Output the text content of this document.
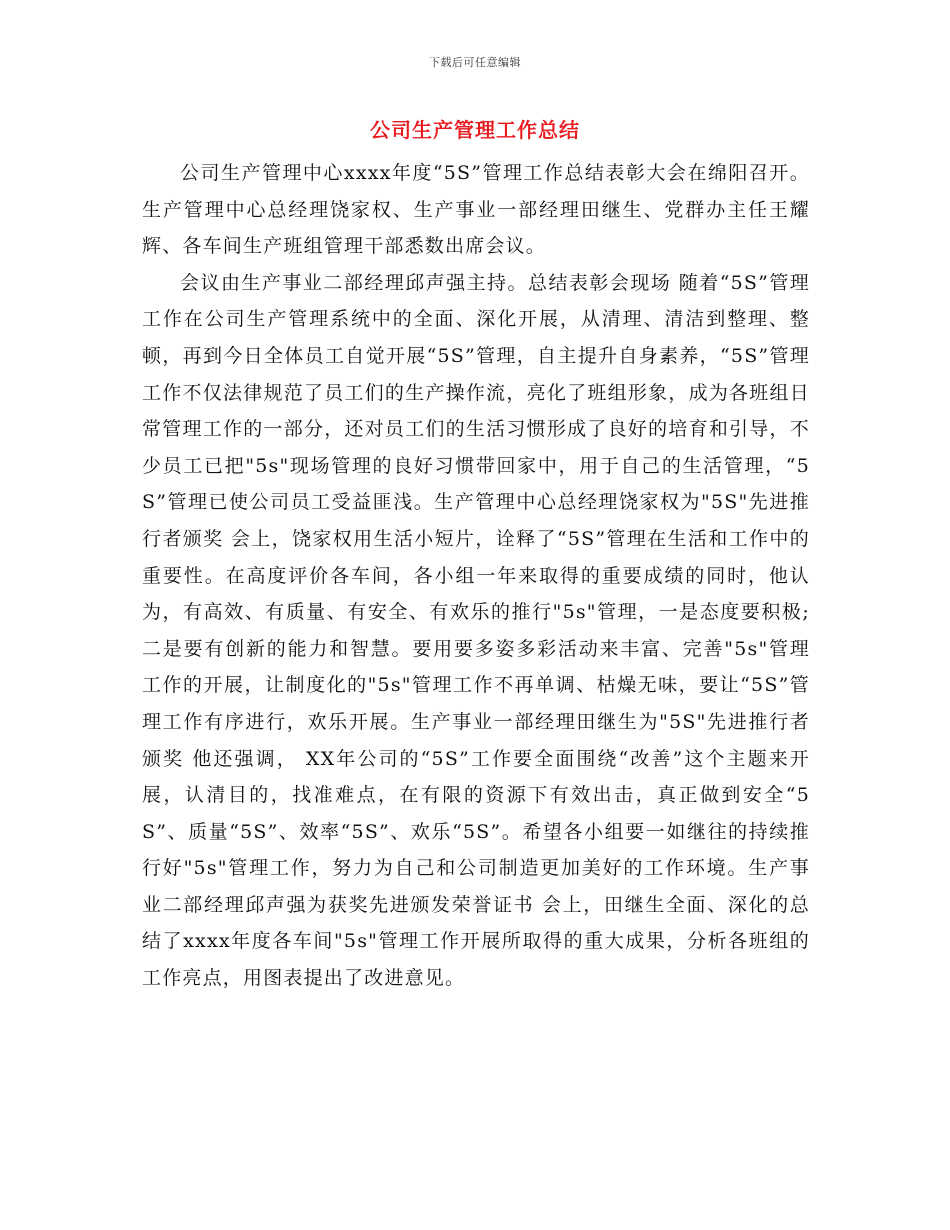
下载后可任意编辑
公司生产管理工作总结

公司生产管理中心xxxx年度“5S”管理工作总结表彰大会在绵阳召开。生产管理中心总经理饶家权、生产事业一部经理田继生、党群办主任王耀辉、各车间生产班组管理干部悉数出席会议。

会议由生产事业二部经理邱声强主持。总结表彰会现场 随着“5S”管理工作在公司生产管理系统中的全面、深化开展，从清理、清洁到整理、整顿，再到今日全体员工自觉开展“5S”管理，自主提升自身素养，“5S”管理工作不仅法律规范了员工们的生产操作流，亮化了班组形象，成为各班组日常管理工作的一部分，还对员工们的生活习惯形成了良好的培育和引导，不少员工已把"5s"现场管理的良好习惯带回家中，用于自己的生活管理，“5S”管理已使公司员工受益匪浅。生产管理中心总经理饶家权为"5S"先进推行者颁奖 会上，饶家权用生活小短片，诠释了“5S”管理在生活和工作中的重要性。在高度评价各车间，各小组一年来取得的重要成绩的同时，他认为，有高效、有质量、有安全、有欢乐的推行"5s"管理，一是态度要积极;二是要有创新的能力和智慧。要用要多姿多彩活动来丰富、完善"5s"管理工作的开展，让制度化的"5s"管理工作不再单调、枯燥无味，要让“5S”管理工作有序进行，欢乐开展。生产事业一部经理田继生为"5S"先进推行者颁奖 他还强调， XX年公司的“5S”工作要全面围绕“改善”这个主题来开展，认清目的，找准难点，在有限的资源下有效出击，真正做到安全“5S”、质量“5S”、效率“5S”、欢乐“5S”。希望各小组要一如继往的持续推行好"5s"管理工作，努力为自己和公司制造更加美好的工作环境。生产事业二部经理邱声强为获奖先进颁发荣誉证书 会上，田继生全面、深化的总结了xxxx年度各车间"5s"管理工作开展所取得的重大成果，分析各班组的工作亮点，用图表提出了改进意见。
